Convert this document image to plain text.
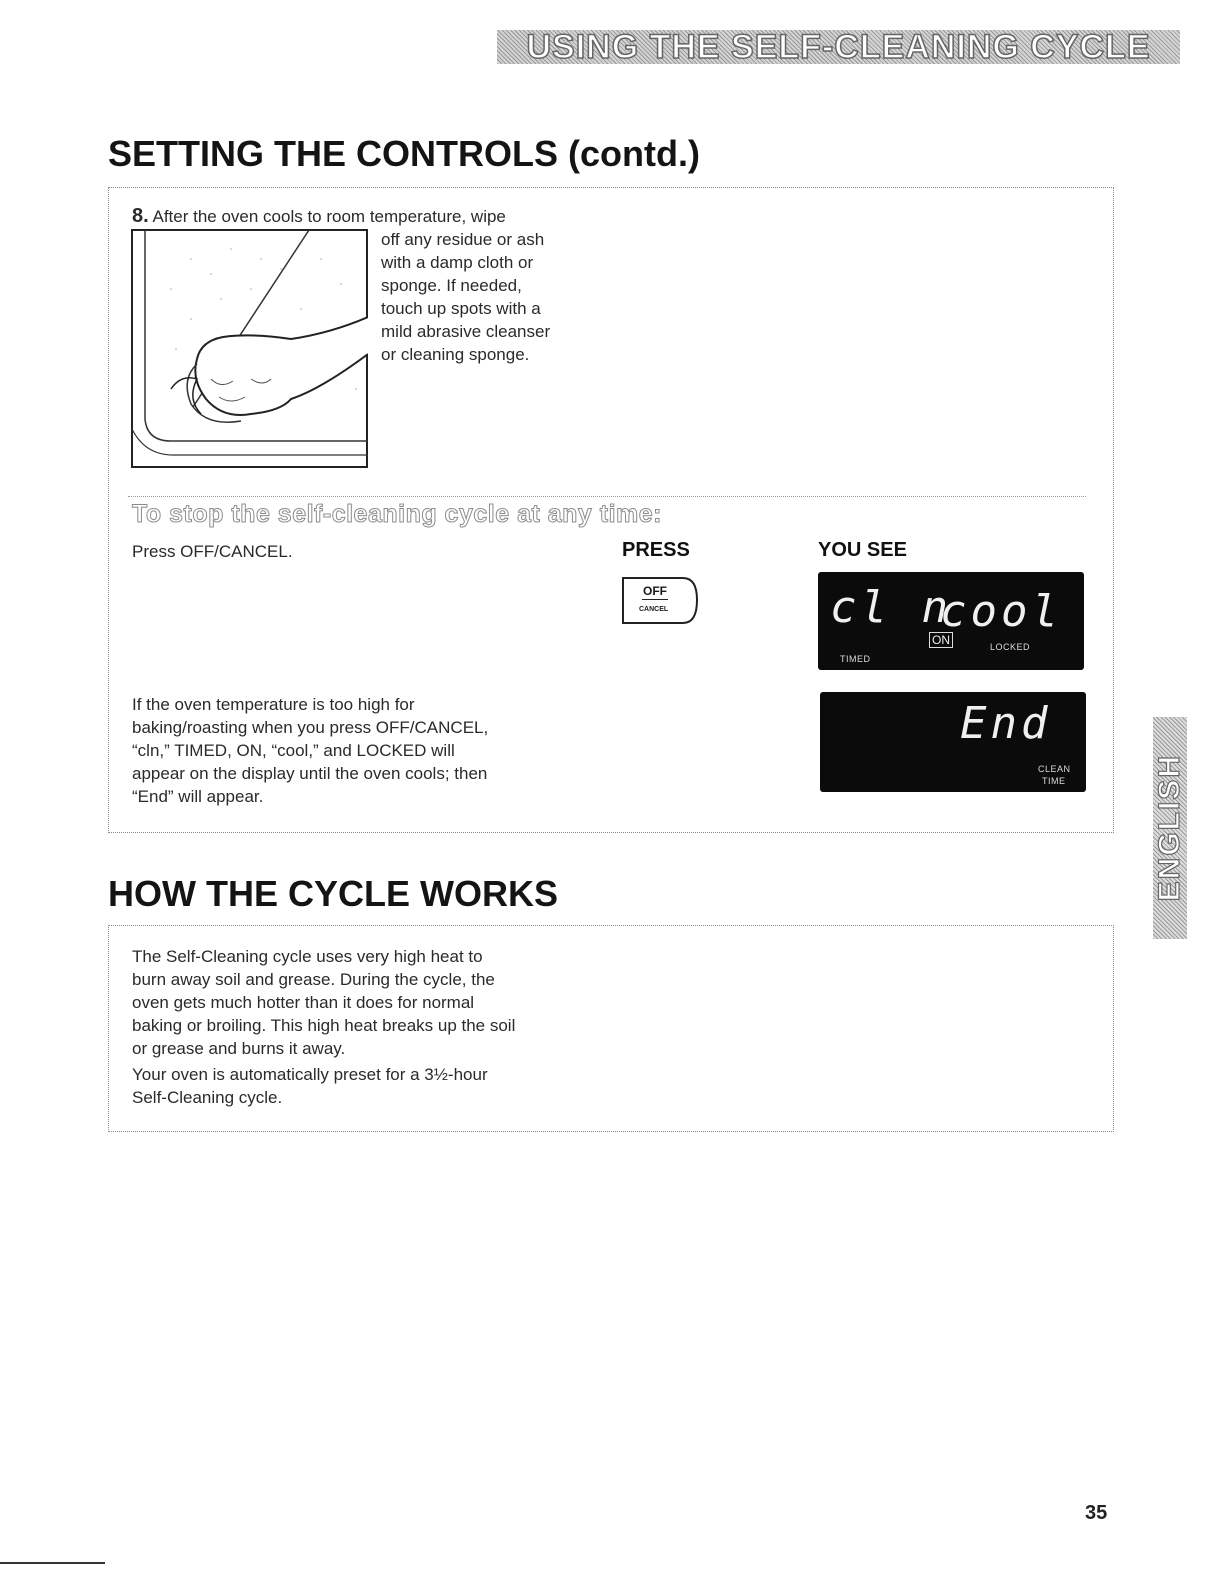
USING THE SELF-CLEANING CYCLE
SETTING THE CONTROLS (contd.)
8. After the oven cools to room temperature, wipe
off any residue or ash
with a damp cloth or
sponge. If needed,
touch up spots with a
mild abrasive cleanser
or cleaning sponge.
To stop the self-cleaning cycle at any time:
Press OFF/CANCEL.	PRESS	YOU SEE
OFF
CANCEL	cl n
cool
ON
TIMED
LOCKED
End
CLEAN
TIME
If the oven temperature is too high for
baking/roasting when you press OFF/CANCEL,
“cln,” TIMED, ON, “cool,” and LOCKED will
appear on the display until the oven cools; then
“End” will appear.
HOW THE CYCLE WORKS
The Self-Cleaning cycle uses very high heat to
burn away soil and grease. During the cycle, the
oven gets much hotter than it does for normal
baking or broiling. This high heat breaks up the soil
or grease and burns it away.
Your oven is automatically preset for a 3½-hour
Self-Cleaning cycle.
ENGLISH
35
